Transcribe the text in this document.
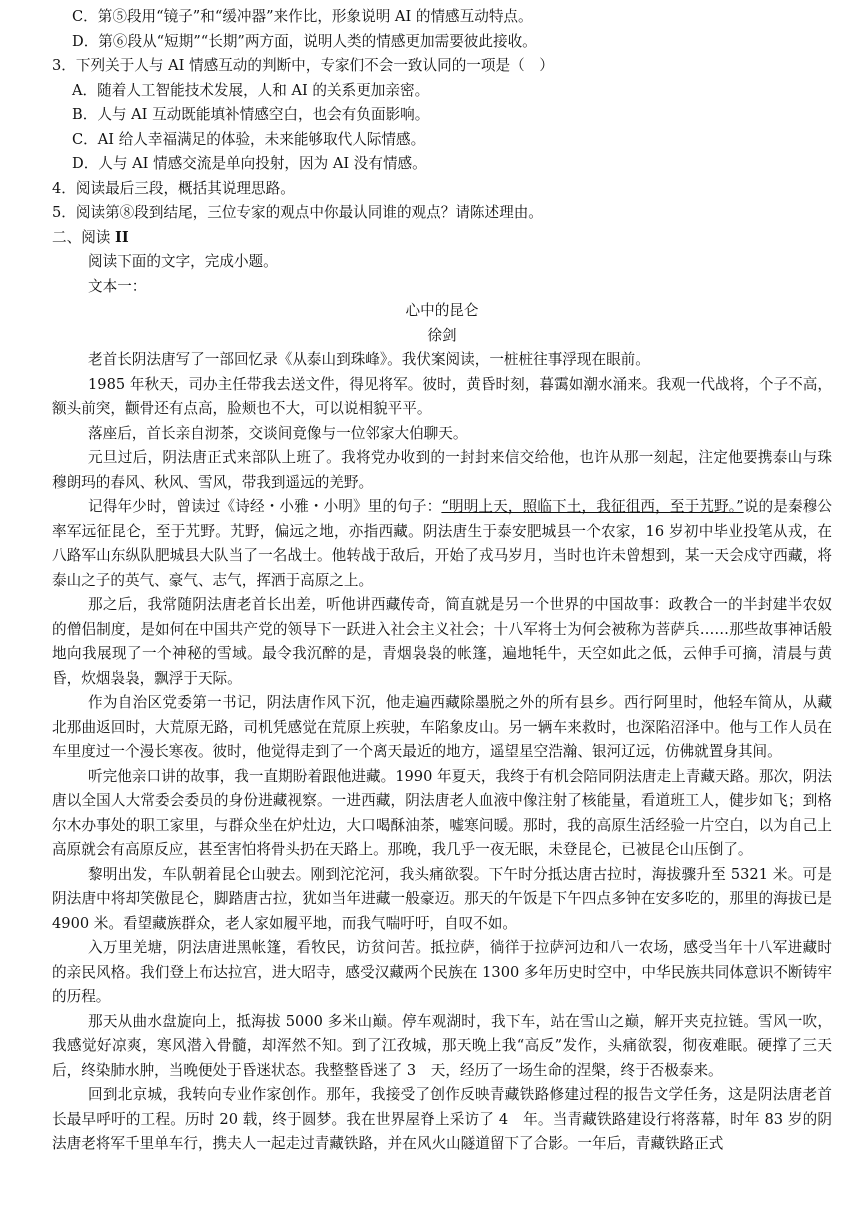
C．第⑤段用“镜子”和“缓冲器”来作比，形象说明 AI 的情感互动特点。
D．第⑥段从“短期”“长期”两方面，说明人类的情感更加需要彼此接收。
3．下列关于人与 AI 情感互动的判断中，专家们不会一致认同的一项是（　）
A．随着人工智能技术发展，人和 AI 的关系更加亲密。
B．人与 AI 互动既能填补情感空白，也会有负面影响。
C．AI 给人幸福满足的体验，未来能够取代人际情感。
D．人与 AI 情感交流是单向投射，因为 AI 没有情感。
4．阅读最后三段，概括其说理思路。
5．阅读第⑧段到结尾，三位专家的观点中你最认同谁的观点？请陈述理由。
二、阅读 II
阅读下面的文字，完成小题。
文本一：
心中的昆仑
徐剑

老首长阴法唐写了一部回忆录《从泰山到珠峰》。我伏案阅读，一桩桩往事浮现在眼前。

1985 年秋天，司办主任带我去送文件，得见将军。彼时，黄昏时刻，暮霭如潮水涌来。我观一代战将，个子不高，额头前突，颧骨还有点高，脸颊也不大，可以说相貌平平。

落座后，首长亲自沏茶，交谈间竟像与一位邻家大伯聊天。

元旦过后，阴法唐正式来部队上班了。我将党办收到的一封封来信交给他，也许从那一刻起，注定他要携泰山与珠穆朗玛的春风、秋风、雪风，带我到遥远的羌野。

记得年少时，曾读过《诗经・小雅・小明》里的句子：“明明上天，照临下土，我征徂西，至于艽野。”说的是秦穆公率军远征昆仑，至于艽野。艽野，偏远之地，亦指西藏。阴法唐生于泰安肥城县一个农家，16 岁初中毕业投笔从戎，在八路军山东纵队肥城县大队当了一名战士。他转战于敌后，开始了戎马岁月，当时也许未曾想到，某一天会戍守西藏，将泰山之子的英气、豪气、志气，挥洒于高原之上。

那之后，我常随阴法唐老首长出差，听他讲西藏传奇，简直就是另一个世界的中国故事：政教合一的半封建半农奴的僧侣制度，是如何在中国共产党的领导下一跃进入社会主义社会；十八军将士为何会被称为菩萨兵……那些故事神话般地向我展现了一个神秘的雪域。最令我沉醉的是，青烟袅袅的帐篷，遍地牦牛，天空如此之低，云伸手可摘，清晨与黄昏，炊烟袅袅，飘浮于天际。

作为自治区党委第一书记，阴法唐作风下沉，他走遍西藏除墨脱之外的所有县乡。西行阿里时，他轻车简从，从藏北那曲返回时，大荒原无路，司机凭感觉在荒原上疾驶，车陷象皮山。另一辆车来救时，也深陷沼泽中。他与工作人员在车里度过一个漫长寒夜。彼时，他觉得走到了一个离天最近的地方，遥望星空浩瀚、银河辽远，仿佛就置身其间。

听完他亲口讲的故事，我一直期盼着跟他进藏。1990 年夏天，我终于有机会陪同阴法唐走上青藏天路。那次，阴法唐以全国人大常委会委员的身份进藏视察。一进西藏，阴法唐老人血液中像注射了核能量，看道班工人，健步如飞；到格尔木办事处的职工家里，与群众坐在炉灶边，大口喝酥油茶，嘘寒问暖。那时，我的高原生活经验一片空白，以为自己上高原就会有高原反应，甚至害怕将骨头扔在天路上。那晚，我几乎一夜无眠，未登昆仑，已被昆仑山压倒了。

黎明出发，车队朝着昆仑山驶去。刚到沱沱河，我头痛欲裂。下午时分抵达唐古拉时，海拔骤升至 5321 米。可是阴法唐中将却笑傲昆仑，脚踏唐古拉，犹如当年进藏一般豪迈。那天的午饭是下午四点多钟在安多吃的，那里的海拔已是 4900 米。看望藏族群众，老人家如履平地，而我气喘吁吁，自叹不如。

入万里羌塘，阴法唐进黑帐篷，看牧民，访贫问苦。抵拉萨，徜徉于拉萨河边和八一农场，感受当年十八军进藏时的亲民风格。我们登上布达拉宫，进大昭寺，感受汉藏两个民族在 1300 多年历史时空中，中华民族共同体意识不断铸牢的历程。

那天从曲水盘旋向上，抵海拔 5000 多米山巅。停车观湖时，我下车，站在雪山之巅，解开夹克拉链。雪风一吹，我感觉好凉爽，寒风潜入骨髓，却浑然不知。到了江孜城，那天晚上我“高反”发作，头痛欲裂，彻夜难眠。硬撑了三天后，终染肺水肿，当晚便处于昏迷状态。我整整昏迷了 3　天，经历了一场生命的涅槃，终于否极泰来。

回到北京城，我转向专业作家创作。那年，我接受了创作反映青藏铁路修建过程的报告文学任务，这是阴法唐老首长最早呼吁的工程。历时 20 载，终于圆梦。我在世界屋脊上采访了 4　年。当青藏铁路建设行将落幕，时年 83 岁的阴法唐老将军千里单车行，携夫人一起走过青藏铁路，并在风火山隧道留下了合影。一年后，青藏铁路正式
